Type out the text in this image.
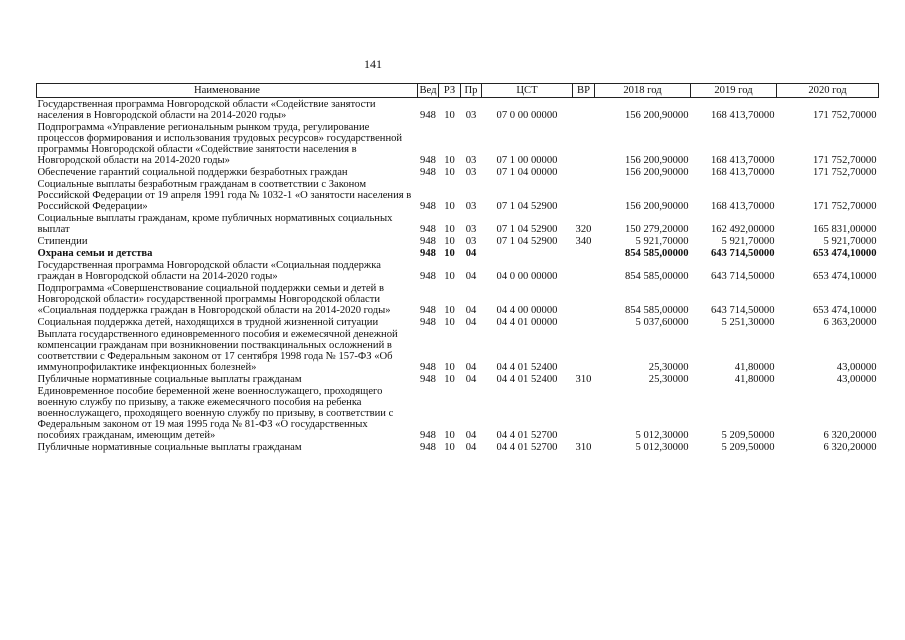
141
Наименование	Вед	РЗ	Пр	ЦСТ	ВР	2018 год	2019 год	2020 год
Государственная программа Новгородской области «Содействие занятости населения в Новгородской области на 2014-2020 годы»	948	10	03	07 0 00 00000		156 200,90000	168 413,70000	171 752,70000
Подпрограмма «Управление региональным рынком труда, регулирование процессов формирования и использования трудовых ресурсов» государственной программы Новгородской области «Содействие занятости населения в Новгородской области на 2014-2020 годы»	948	10	03	07 1 00 00000		156 200,90000	168 413,70000	171 752,70000
Обеспечение гарантий социальной поддержки безработных граждан	948	10	03	07 1 04 00000		156 200,90000	168 413,70000	171 752,70000
Социальные выплаты безработным гражданам в соответствии с Законом Российской Федерации от 19 апреля 1991 года № 1032-1 «О занятости населения в Российской Федерации»	948	10	03	07 1 04 52900		156 200,90000	168 413,70000	171 752,70000
Социальные выплаты гражданам, кроме публичных нормативных социальных выплат	948	10	03	07 1 04 52900	320	150 279,20000	162 492,00000	165 831,00000
Стипендии	948	10	03	07 1 04 52900	340	5 921,70000	5 921,70000	5 921,70000
Охрана семьи и детства	948	10	04			854 585,00000	643 714,50000	653 474,10000
Государственная программа Новгородской области «Социальная поддержка граждан в Новгородской области на 2014-2020 годы»	948	10	04	04 0 00 00000		854 585,00000	643 714,50000	653 474,10000
Подпрограмма «Совершенствование социальной поддержки семьи и детей в Новгородской области» государственной программы Новгородской области «Социальная поддержка граждан в Новгородской области на 2014-2020 годы»	948	10	04	04 4 00 00000		854 585,00000	643 714,50000	653 474,10000
Социальная поддержка детей, находящихся в трудной жизненной ситуации	948	10	04	04 4 01 00000		5 037,60000	5 251,30000	6 363,20000
Выплата государственного единовременного пособия и ежемесячной денежной компенсации гражданам при возникновении поствакцинальных осложнений в соответствии с Федеральным законом от 17 сентября 1998 года № 157-ФЗ «Об иммунопрофилактике инфекционных болезней»	948	10	04	04 4 01 52400		25,30000	41,80000	43,00000
Публичные нормативные социальные выплаты гражданам	948	10	04	04 4 01 52400	310	25,30000	41,80000	43,00000
Единовременное пособие беременной жене военнослужащего, проходящего военную службу по призыву, а также ежемесячного пособия на ребенка военнослужащего, проходящего военную службу по призыву, в соответствии с Федеральным законом от 19 мая 1995 года № 81-ФЗ «О государственных пособиях гражданам, имеющим детей»	948	10	04	04 4 01 52700		5 012,30000	5 209,50000	6 320,20000
Публичные нормативные социальные выплаты гражданам	948	10	04	04 4 01 52700	310	5 012,30000	5 209,50000	6 320,20000
